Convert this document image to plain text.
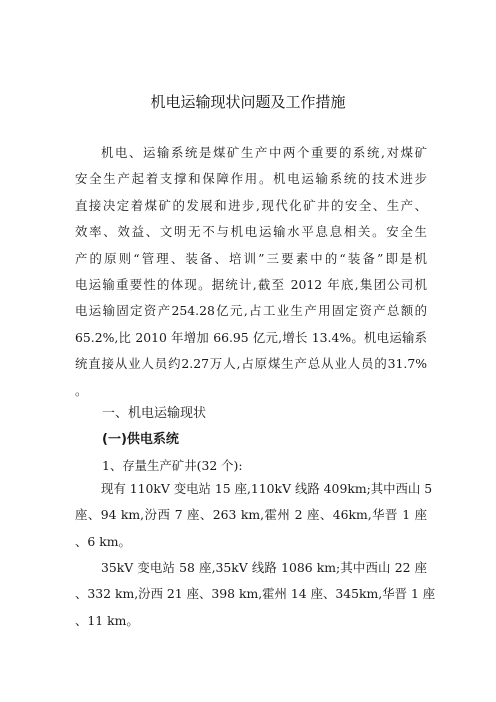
机电运输现状问题及工作措施
机电、运输系统是煤矿生产中两个重要的系统,对煤矿
安全生产起着支撑和保障作用。机电运输系统的技术进步
直接决定着煤矿的发展和进步,现代化矿井的安全、生产、
效率、效益、文明无不与机电运输水平息息相关。安全生
产的原则“管理、装备、培训”三要素中的“装备”即是机
电运输重要性的体现。据统计,截至 2012 年底,集团公司机
电运输固定资产254.28亿元,占工业生产用固定资产总额的
65.2%,比 2010 年增加 66.95 亿元,增长 13.4%。机电运输系
统直接从业人员约2.27万人,占原煤生产总从业人员的31.7%
。
一、机电运输现状
(一)供电系统
1、存量生产矿井(32 个):
现有 110kV 变电站 15 座,110kV 线路 409km;其中西山 5
座、94 km,汾西 7 座、263 km,霍州 2 座、46km,华晋 1 座
、6 km。
35kV 变电站 58 座,35kV 线路 1086 km;其中西山 22 座
、332 km,汾西 21 座、398 km,霍州 14 座、345km,华晋 1 座
、11 km。
